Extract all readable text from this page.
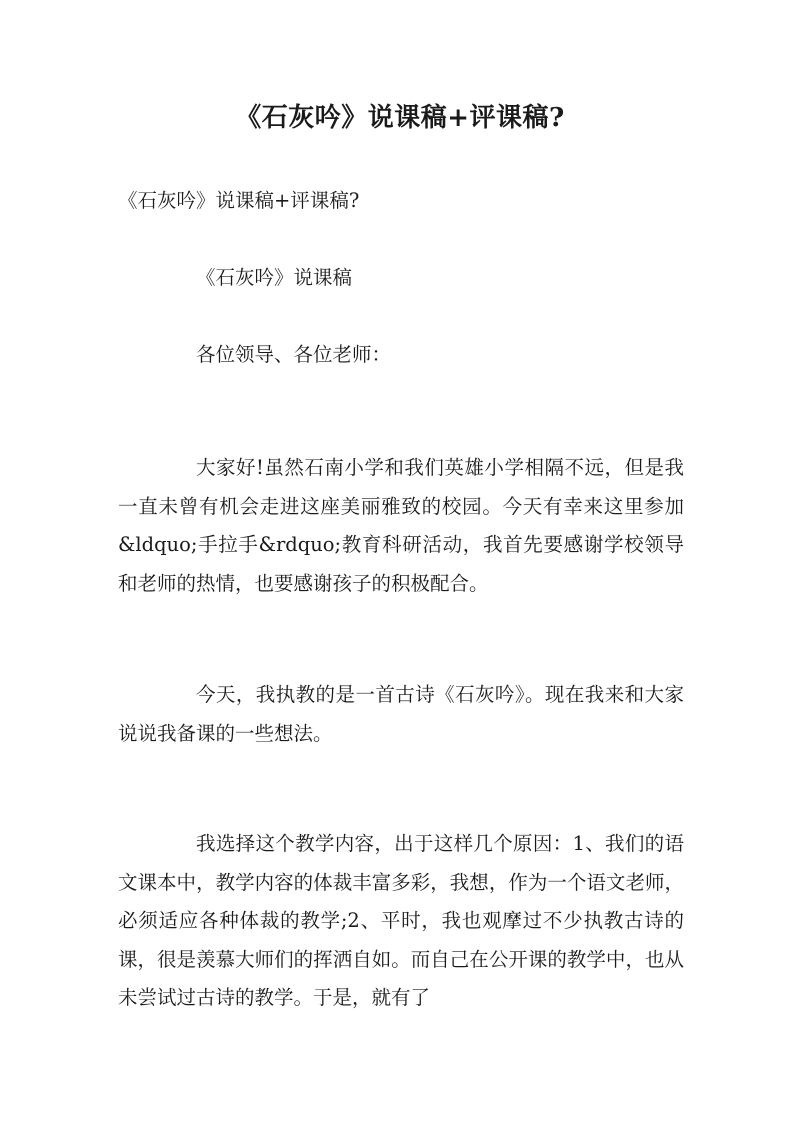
《石灰吟》说课稿+评课稿?

《石灰吟》说课稿+评课稿?

《石灰吟》说课稿

各位领导、各位老师：

大家好!虽然石南小学和我们英雄小学相隔不远，但是我一直未曾有机会走进这座美丽雅致的校园。今天有幸来这里参加&ldquo;手拉手&rdquo;教育科研活动，我首先要感谢学校领导和老师的热情，也要感谢孩子的积极配合。

今天，我执教的是一首古诗《石灰吟》。现在我来和大家说说我备课的一些想法。

我选择这个教学内容，出于这样几个原因：1、我们的语文课本中，教学内容的体裁丰富多彩，我想，作为一个语文老师，必须适应各种体裁的教学;2、平时，我也观摩过不少执教古诗的课，很是羡慕大师们的挥洒自如。而自己在公开课的教学中，也从未尝试过古诗的教学。于是，就有了
